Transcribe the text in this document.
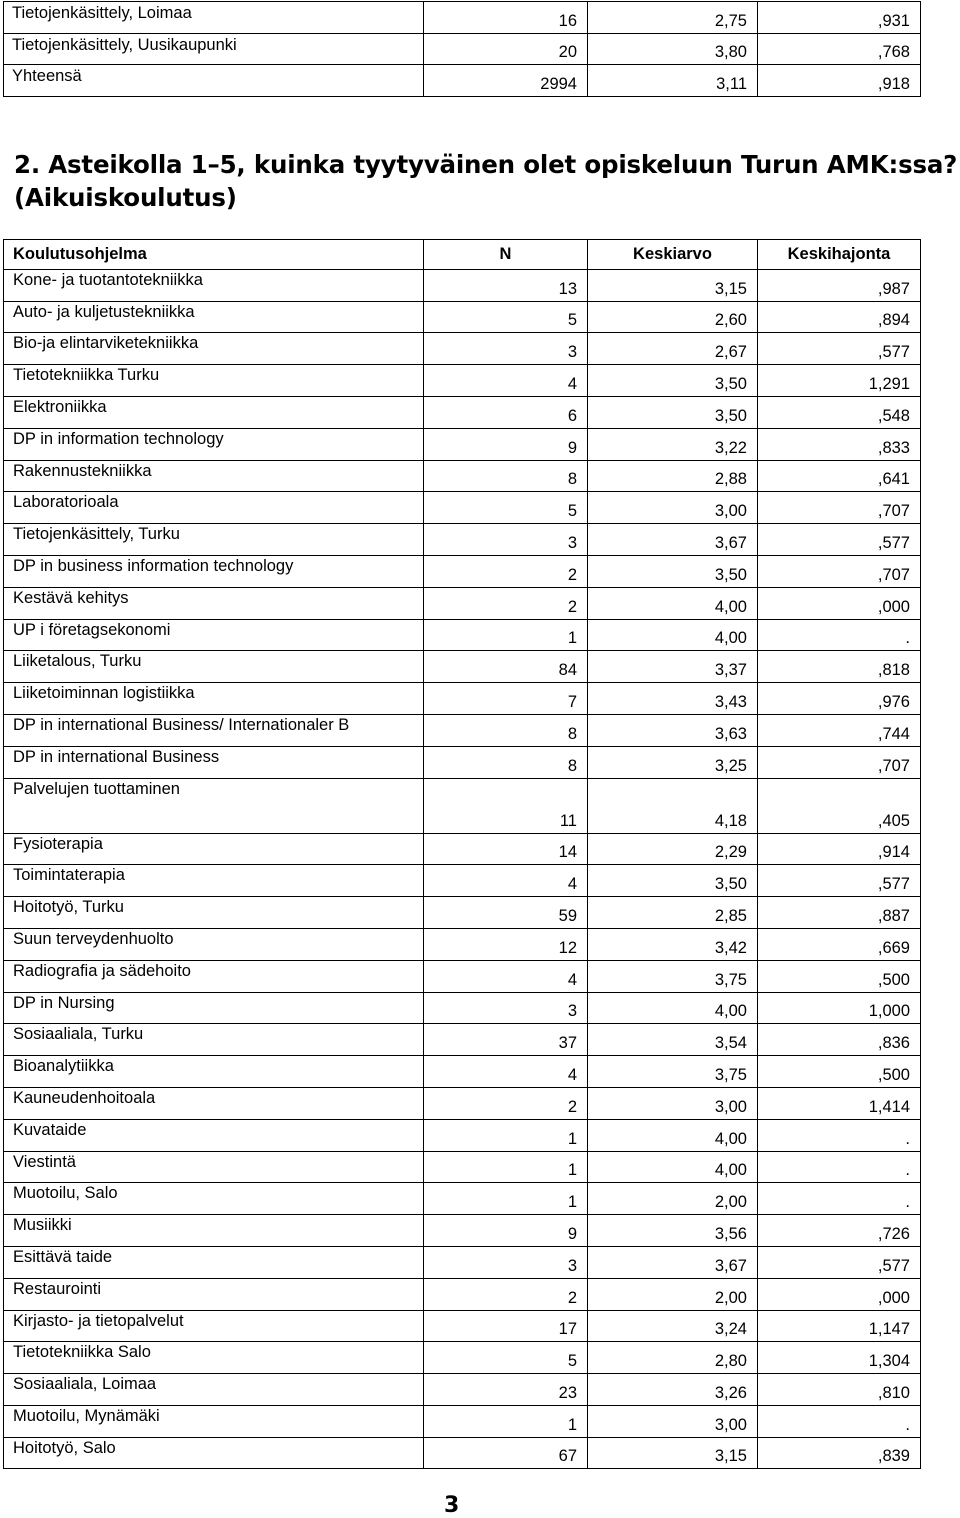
Tietojenkäsittely, Loimaa	16	2,75	,931
Tietojenkäsittely, Uusikaupunki	20	3,80	,768
Yhteensä	2994	3,11	,918
2. Asteikolla 1–5, kuinka tyytyväinen olet opiskeluun Turun AMK:ssa?
(Aikuiskoulutus)
Koulutusohjelma	N	Keskiarvo	Keskihajonta
Kone- ja tuotantotekniikka	13	3,15	,987
Auto- ja kuljetustekniikka	5	2,60	,894
Bio-ja elintarviketekniikka	3	2,67	,577
Tietotekniikka Turku	4	3,50	1,291
Elektroniikka	6	3,50	,548
DP in information technology	9	3,22	,833
Rakennustekniikka	8	2,88	,641
Laboratorioala	5	3,00	,707
Tietojenkäsittely, Turku	3	3,67	,577
DP in business information technology	2	3,50	,707
Kestävä kehitys	2	4,00	,000
UP i företagsekonomi	1	4,00	.
Liiketalous, Turku	84	3,37	,818
Liiketoiminnan logistiikka	7	3,43	,976
DP in international Business/ Internationaler B	8	3,63	,744
DP in international Business	8	3,25	,707
Palvelujen tuottaminen	11	4,18	,405
Fysioterapia	14	2,29	,914
Toimintaterapia	4	3,50	,577
Hoitotyö, Turku	59	2,85	,887
Suun terveydenhuolto	12	3,42	,669
Radiografia ja sädehoito	4	3,75	,500
DP in Nursing	3	4,00	1,000
Sosiaaliala, Turku	37	3,54	,836
Bioanalytiikka	4	3,75	,500
Kauneudenhoitoala	2	3,00	1,414
Kuvataide	1	4,00	.
Viestintä	1	4,00	.
Muotoilu, Salo	1	2,00	.
Musiikki	9	3,56	,726
Esittävä taide	3	3,67	,577
Restaurointi	2	2,00	,000
Kirjasto- ja tietopalvelut	17	3,24	1,147
Tietotekniikka Salo	5	2,80	1,304
Sosiaaliala, Loimaa	23	3,26	,810
Muotoilu, Mynämäki	1	3,00	.
Hoitotyö, Salo	67	3,15	,839
3
